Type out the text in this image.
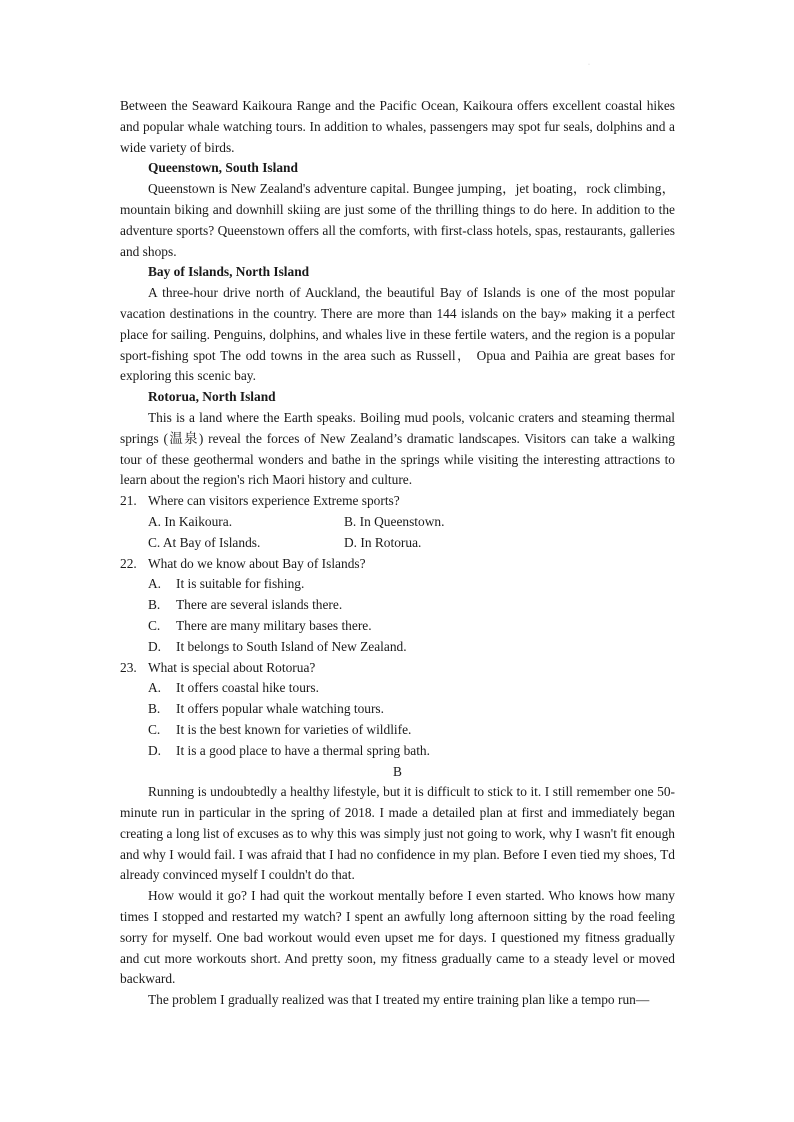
·

Between the Seaward Kaikoura Range and the Pacific Ocean, Kaikoura offers excellent coastal hikes and popular whale watching tours. In addition to whales, passengers may spot fur seals, dolphins and a wide variety of birds.

Queenstown, South Island

Queenstown is New Zealand's adventure capital. Bungee jumping，jet boating，rock climbing，mountain biking and downhill skiing are just some of the thrilling things to do here. In addition to the adventure sports? Queenstown offers all the comforts, with first-class hotels, spas, restaurants, galleries and shops.

Bay of Islands, North Island

A three-hour drive north of Auckland, the beautiful Bay of Islands is one of the most popular vacation destinations in the country. There are more than 144 islands on the bay» making it a perfect place for sailing. Penguins, dolphins, and whales live in these fertile waters, and the region is a popular sport-fishing spot The odd towns in the area such as Russell， Opua and Paihia are great bases for exploring this scenic bay.

Rotorua, North Island

This is a land where the Earth speaks. Boiling mud pools, volcanic craters and steaming thermal springs (温泉) reveal the forces of New Zealand’s dramatic landscapes. Visitors can take a walking tour of these geothermal wonders and bathe in the springs while visiting the interesting attractions to learn about the region's rich Maori history and culture.

21. Where can visitors experience Extreme sports?
A. In Kaikoura.	B. In Queenstown.
C. At Bay of Islands.	D. In Rotorua.
22. What do we know about Bay of Islands?
A.	It is suitable for fishing.
B.	There are several islands there.
C.	There are many military bases there.
D.	It belongs to South Island of New Zealand.
23. What is special about Rotorua?
A.	It offers coastal hike tours.
B.	It offers popular whale watching tours.
C.	It is the best known for varieties of wildlife.
D.	It is a good place to have a thermal spring bath.

B

Running is undoubtedly a healthy lifestyle, but it is difficult to stick to it. I still remember one 50-minute run in particular in the spring of 2018. I made a detailed plan at first and immediately began creating a long list of excuses as to why this was simply just not going to work, why I wasn't fit enough and why I would fail. I was afraid that I had no confidence in my plan. Before I even tied my shoes, Td already convinced myself I couldn't do that.

How would it go? I had quit the workout mentally before I even started. Who knows how many times I stopped and restarted my watch? I spent an awfully long afternoon sitting by the road feeling sorry for myself. One bad workout would even upset me for days. I questioned my fitness gradually and cut more workouts short. And pretty soon, my fitness gradually came to a steady level or moved backward.

The problem I gradually realized was that I treated my entire training plan like a tempo run—
